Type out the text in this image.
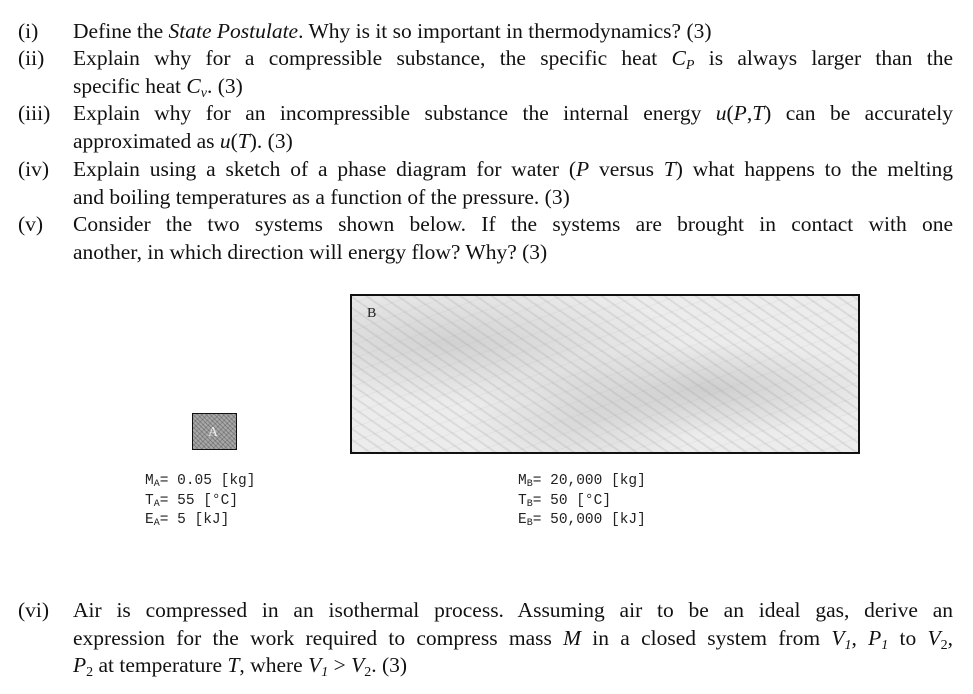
(i) Define the State Postulate. Why is it so important in thermodynamics? (3)
(ii) Explain why for a compressible substance, the specific heat $C_P$ is always larger than the
specific heat $C_v$. (3)
(iii) Explain why for an incompressible substance the internal energy u(P,T) can be accurately
approximated as u(T). (3)
(iv) Explain using a sketch of a phase diagram for water (P versus T) what happens to the melting
and boiling temperatures as a function of the pressure. (3)
(v) Consider the two systems shown below. If the systems are brought in contact with one
another, in which direction will energy flow? Why? (3)
B
A
$M_A= 0.05$ [kg]
$T_A= 55$ [°C]
$E_A= 5$ [kJ]
$M_B= 20,000$ [kg]
$T_B= 50$ [°C]
$E_B= 50,000$ [kJ]
(vi) Air is compressed in an isothermal process. Assuming air to be an ideal gas, derive an
expression for the work required to compress mass M in a closed system from $V_1$, $P_1$ to $V_2$,
$P_2$ at temperature T, where $V_1 > V_2$. (3)
